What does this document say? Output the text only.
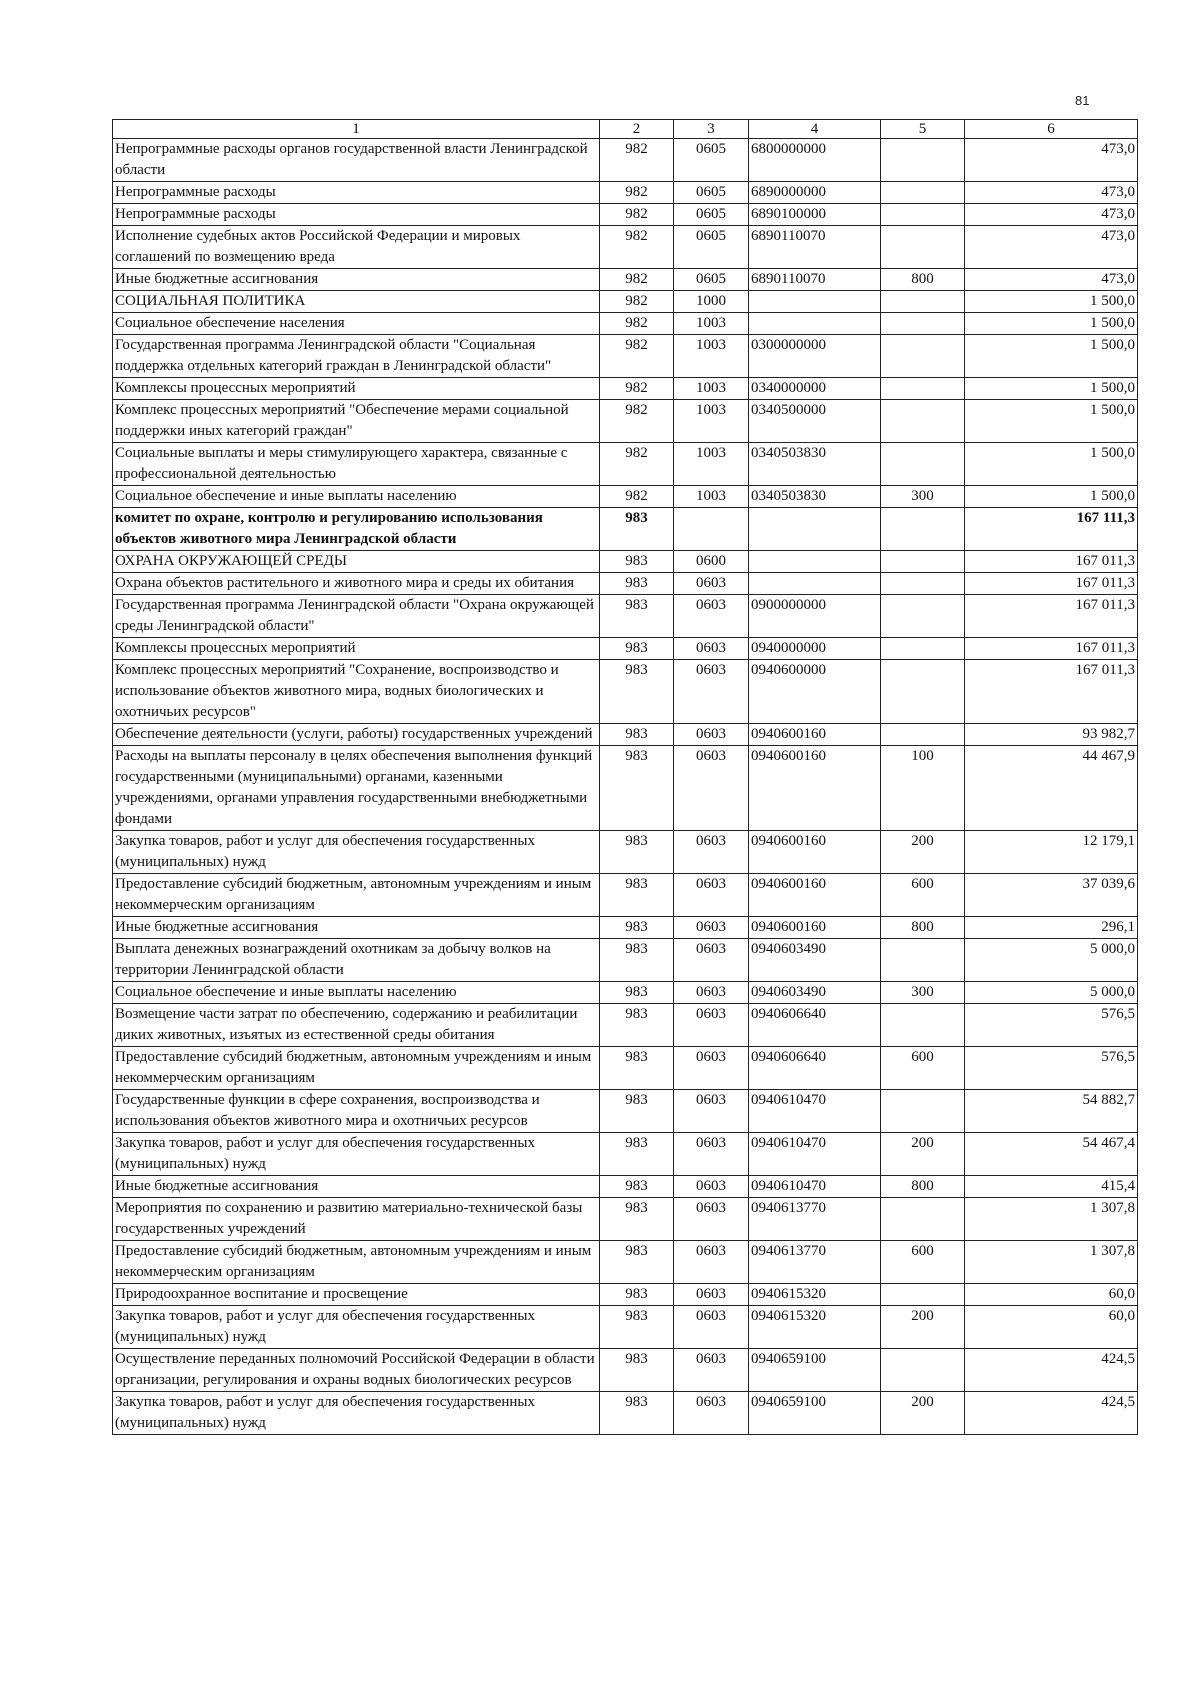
81
1	2	3	4	5	6
Непрограммные расходы органов государственной власти Ленинградской области	982	0605	6800000000		473,0
Непрограммные расходы	982	0605	6890000000		473,0
Непрограммные расходы	982	0605	6890100000		473,0
Исполнение судебных актов Российской Федерации и мировых соглашений по возмещению вреда	982	0605	6890110070		473,0
Иные бюджетные ассигнования	982	0605	6890110070	800	473,0
СОЦИАЛЬНАЯ ПОЛИТИКА	982	1000			1 500,0
Социальное обеспечение населения	982	1003			1 500,0
Государственная программа Ленинградской области "Социальная поддержка отдельных категорий граждан в Ленинградской области"	982	1003	0300000000		1 500,0
Комплексы процессных мероприятий	982	1003	0340000000		1 500,0
Комплекс процессных мероприятий "Обеспечение мерами социальной поддержки иных категорий граждан"	982	1003	0340500000		1 500,0
Социальные выплаты и меры стимулирующего характера, связанные с профессиональной деятельностью	982	1003	0340503830		1 500,0
Социальное обеспечение и иные выплаты населению	982	1003	0340503830	300	1 500,0
комитет по охране, контролю и регулированию использования объектов животного мира Ленинградской области	983				167 111,3
ОХРАНА ОКРУЖАЮЩЕЙ СРЕДЫ	983	0600			167 011,3
Охрана объектов растительного и животного мира и среды их обитания	983	0603			167 011,3
Государственная программа Ленинградской области "Охрана окружающей среды Ленинградской области"	983	0603	0900000000		167 011,3
Комплексы процессных мероприятий	983	0603	0940000000		167 011,3
Комплекс процессных мероприятий "Сохранение, воспроизводство и использование объектов животного мира, водных биологических и охотничьих ресурсов"	983	0603	0940600000		167 011,3
Обеспечение деятельности (услуги, работы) государственных учреждений	983	0603	0940600160		93 982,7
Расходы на выплаты персоналу в целях обеспечения выполнения функций государственными (муниципальными) органами, казенными учреждениями, органами управления государственными внебюджетными фондами	983	0603	0940600160	100	44 467,9
Закупка товаров, работ и услуг для обеспечения государственных (муниципальных) нужд	983	0603	0940600160	200	12 179,1
Предоставление субсидий бюджетным, автономным учреждениям и иным некоммерческим организациям	983	0603	0940600160	600	37 039,6
Иные бюджетные ассигнования	983	0603	0940600160	800	296,1
Выплата денежных вознаграждений охотникам за добычу волков на территории Ленинградской области	983	0603	0940603490		5 000,0
Социальное обеспечение и иные выплаты населению	983	0603	0940603490	300	5 000,0
Возмещение части затрат по обеспечению, содержанию и реабилитации диких животных, изъятых из естественной среды обитания	983	0603	0940606640		576,5
Предоставление субсидий бюджетным, автономным учреждениям и иным некоммерческим организациям	983	0603	0940606640	600	576,5
Государственные функции в сфере сохранения, воспроизводства и использования объектов животного мира и охотничьих ресурсов	983	0603	0940610470		54 882,7
Закупка товаров, работ и услуг для обеспечения государственных (муниципальных) нужд	983	0603	0940610470	200	54 467,4
Иные бюджетные ассигнования	983	0603	0940610470	800	415,4
Мероприятия по сохранению и развитию материально-технической базы государственных учреждений	983	0603	0940613770		1 307,8
Предоставление субсидий бюджетным, автономным учреждениям и иным некоммерческим организациям	983	0603	0940613770	600	1 307,8
Природоохранное воспитание и просвещение	983	0603	0940615320		60,0
Закупка товаров, работ и услуг для обеспечения государственных (муниципальных) нужд	983	0603	0940615320	200	60,0
Осуществление переданных полномочий Российской Федерации в области организации, регулирования и охраны водных биологических ресурсов	983	0603	0940659100		424,5
Закупка товаров, работ и услуг для обеспечения государственных (муниципальных) нужд	983	0603	0940659100	200	424,5
